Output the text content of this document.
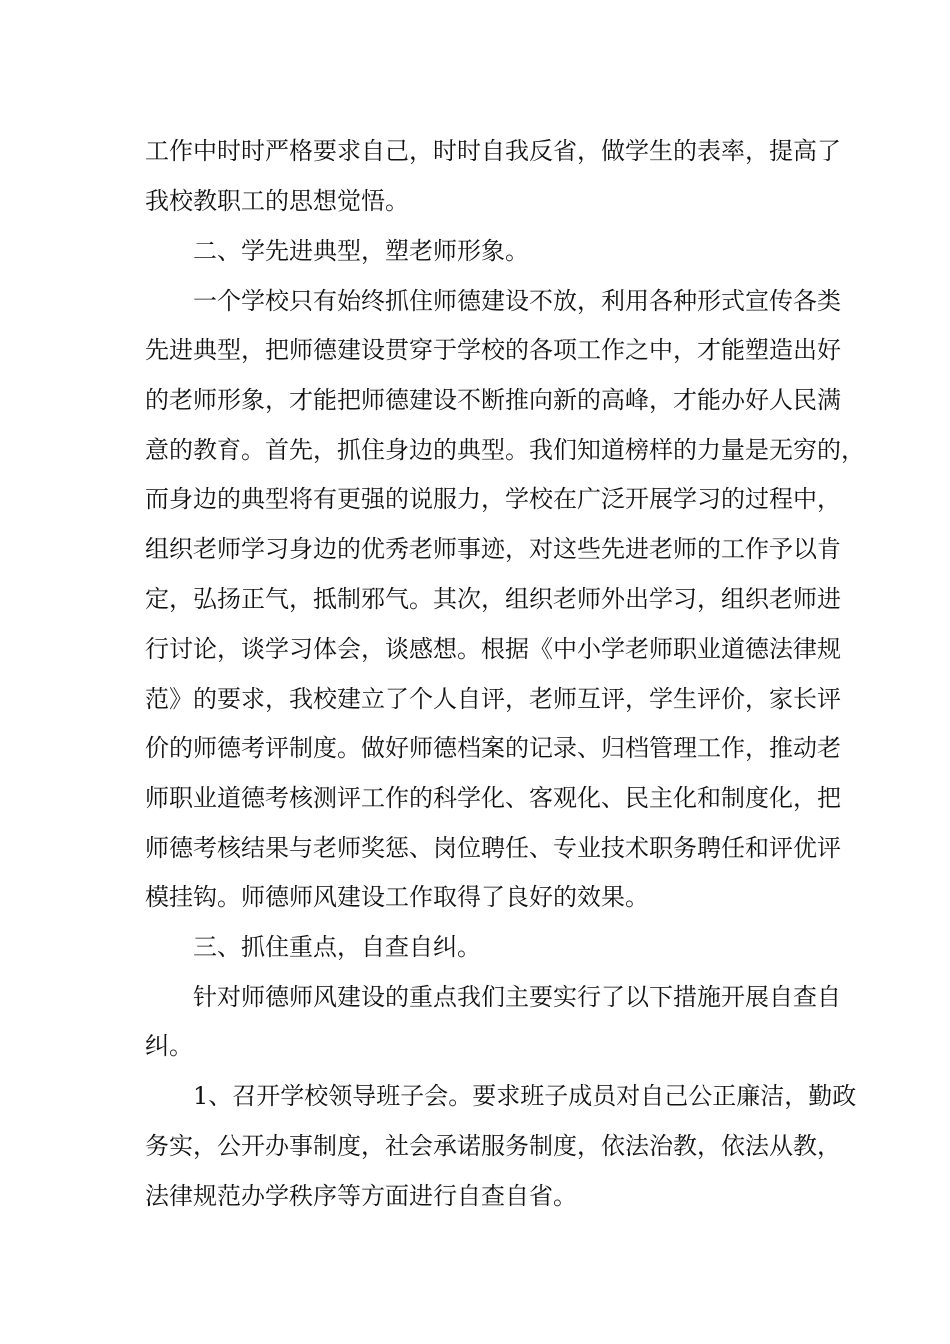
工作中时时严格要求自己，时时自我反省，做学生的表率，提高了
我校教职工的思想觉悟。
二、学先进典型，塑老师形象。
一个学校只有始终抓住师德建设不放，利用各种形式宣传各类
先进典型，把师德建设贯穿于学校的各项工作之中，才能塑造出好
的老师形象，才能把师德建设不断推向新的高峰，才能办好人民满
意的教育。首先，抓住身边的典型。我们知道榜样的力量是无穷的，
而身边的典型将有更强的说服力，学校在广泛开展学习的过程中，
组织老师学习身边的优秀老师事迹，对这些先进老师的工作予以肯
定，弘扬正气，抵制邪气。其次，组织老师外出学习，组织老师进
行讨论，谈学习体会，谈感想。根据《中小学老师职业道德法律规
范》的要求，我校建立了个人自评，老师互评，学生评价，家长评
价的师德考评制度。做好师德档案的记录、归档管理工作，推动老
师职业道德考核测评工作的科学化、客观化、民主化和制度化，把
师德考核结果与老师奖惩、岗位聘任、专业技术职务聘任和评优评
模挂钩。师德师风建设工作取得了良好的效果。
三、抓住重点，自查自纠。
针对师德师风建设的重点我们主要实行了以下措施开展自查自
纠。
1、召开学校领导班子会。要求班子成员对自己公正廉洁，勤政
务实，公开办事制度，社会承诺服务制度，依法治教，依法从教，
法律规范办学秩序等方面进行自查自省。
